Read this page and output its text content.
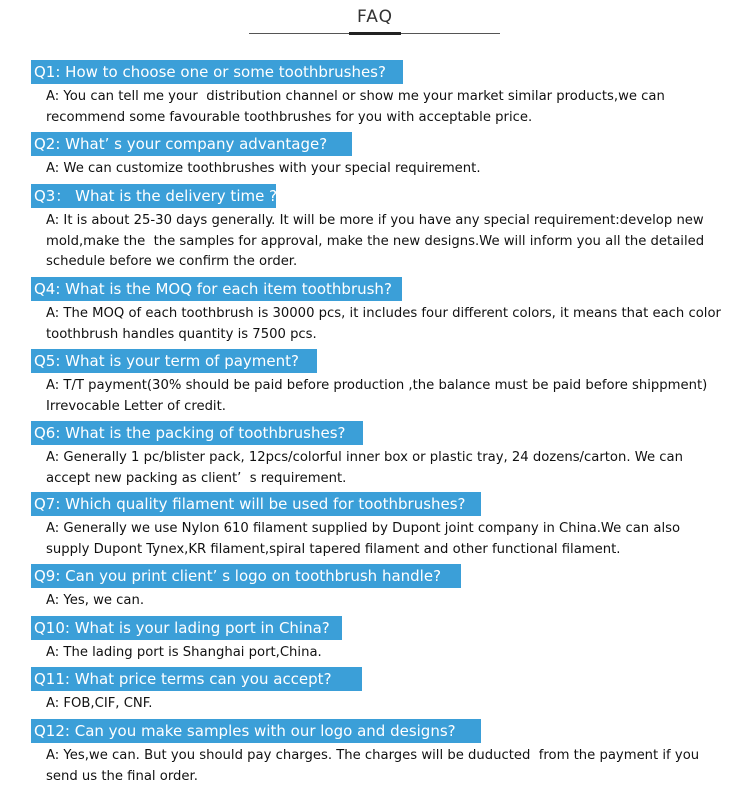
FAQ
Q1: How to choose one or some toothbrushes?
A: You can tell me your  distribution channel or show me your market similar products,we can
recommend some favourable toothbrushes for you with acceptable price.
Q2: What’ s your company advantage?
A: We can customize toothbrushes with your special requirement.
Q3： What is the delivery time ?
A: It is about 25-30 days generally. It will be more if you have any special requirement:develop new
mold,make the  the samples for approval, make the new designs.We will inform you all the detailed
schedule before we confirm the order.
Q4: What is the MOQ for each item toothbrush?
A: The MOQ of each toothbrush is 30000 pcs, it includes four different colors, it means that each color
toothbrush handles quantity is 7500 pcs.
Q5: What is your term of payment?
A: T/T payment(30% should be paid before production ,the balance must be paid before shippment)
Irrevocable Letter of credit.
Q6: What is the packing of toothbrushes?
A: Generally 1 pc/blister pack, 12pcs/colorful inner box or plastic tray, 24 dozens/carton. We can
accept new packing as client’  s requirement.
Q7: Which quality filament will be used for toothbrushes?
A: Generally we use Nylon 610 filament supplied by Dupont joint company in China.We can also
supply Dupont Tynex,KR filament,spiral tapered filament and other functional filament.
Q9: Can you print client’ s logo on toothbrush handle?
A: Yes, we can.
Q10: What is your lading port in China?
A: The lading port is Shanghai port,China.
Q11: What price terms can you accept?
A: FOB,CIF, CNF.
Q12: Can you make samples with our logo and designs?
A: Yes,we can. But you should pay charges. The charges will be duducted  from the payment if you
send us the final order.
